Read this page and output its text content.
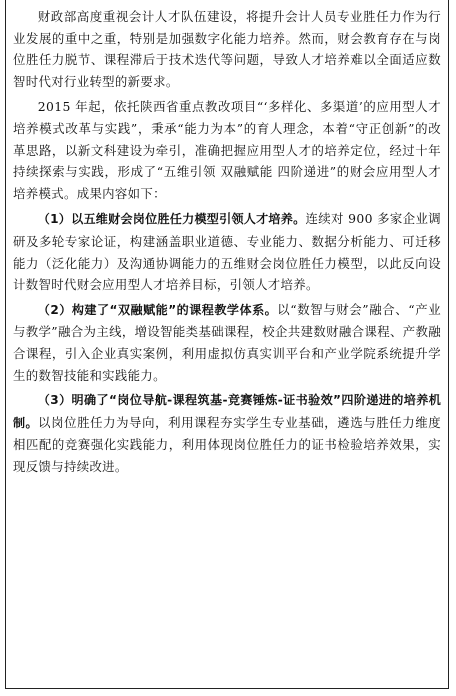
财政部高度重视会计人才队伍建设，将提升会计人员专业胜任力作为行业发展的重中之重，特别是加强数字化能力培养。然而，财会教育存在与岗位胜任力脱节、课程滞后于技术迭代等问题，导致人才培养难以全面适应数智时代对行业转型的新要求。

2015 年起，依托陕西省重点教改项目“‘多样化、多渠道’的应用型人才培养模式改革与实践”，秉承“能力为本”的育人理念，本着“守正创新”的改革思路，以新文科建设为牵引，准确把握应用型人才的培养定位，经过十年持续探索与实践，形成了“五维引领 双融赋能 四阶递进”的财会应用型人才培养模式。成果内容如下：

（1）以五维财会岗位胜任力模型引领人才培养。连续对 900 多家企业调研及多轮专家论证，构建涵盖职业道德、专业能力、数据分析能力、可迁移能力（泛化能力）及沟通协调能力的五维财会岗位胜任力模型，以此反向设计数智时代财会应用型人才培养目标，引领人才培养。

（2）构建了“双融赋能”的课程教学体系。以“数智与财会”融合、“产业与教学”融合为主线，增设智能类基础课程，校企共建数财融合课程、产教融合课程，引入企业真实案例，利用虚拟仿真实训平台和产业学院系统提升学生的数智技能和实践能力。

（3）明确了“岗位导航-课程筑基-竞赛锤炼-证书验效”四阶递进的培养机制。以岗位胜任力为导向，利用课程夯实学生专业基础，遴选与胜任力维度相匹配的竞赛强化实践能力，利用体现岗位胜任力的证书检验培养效果，实现反馈与持续改进。
